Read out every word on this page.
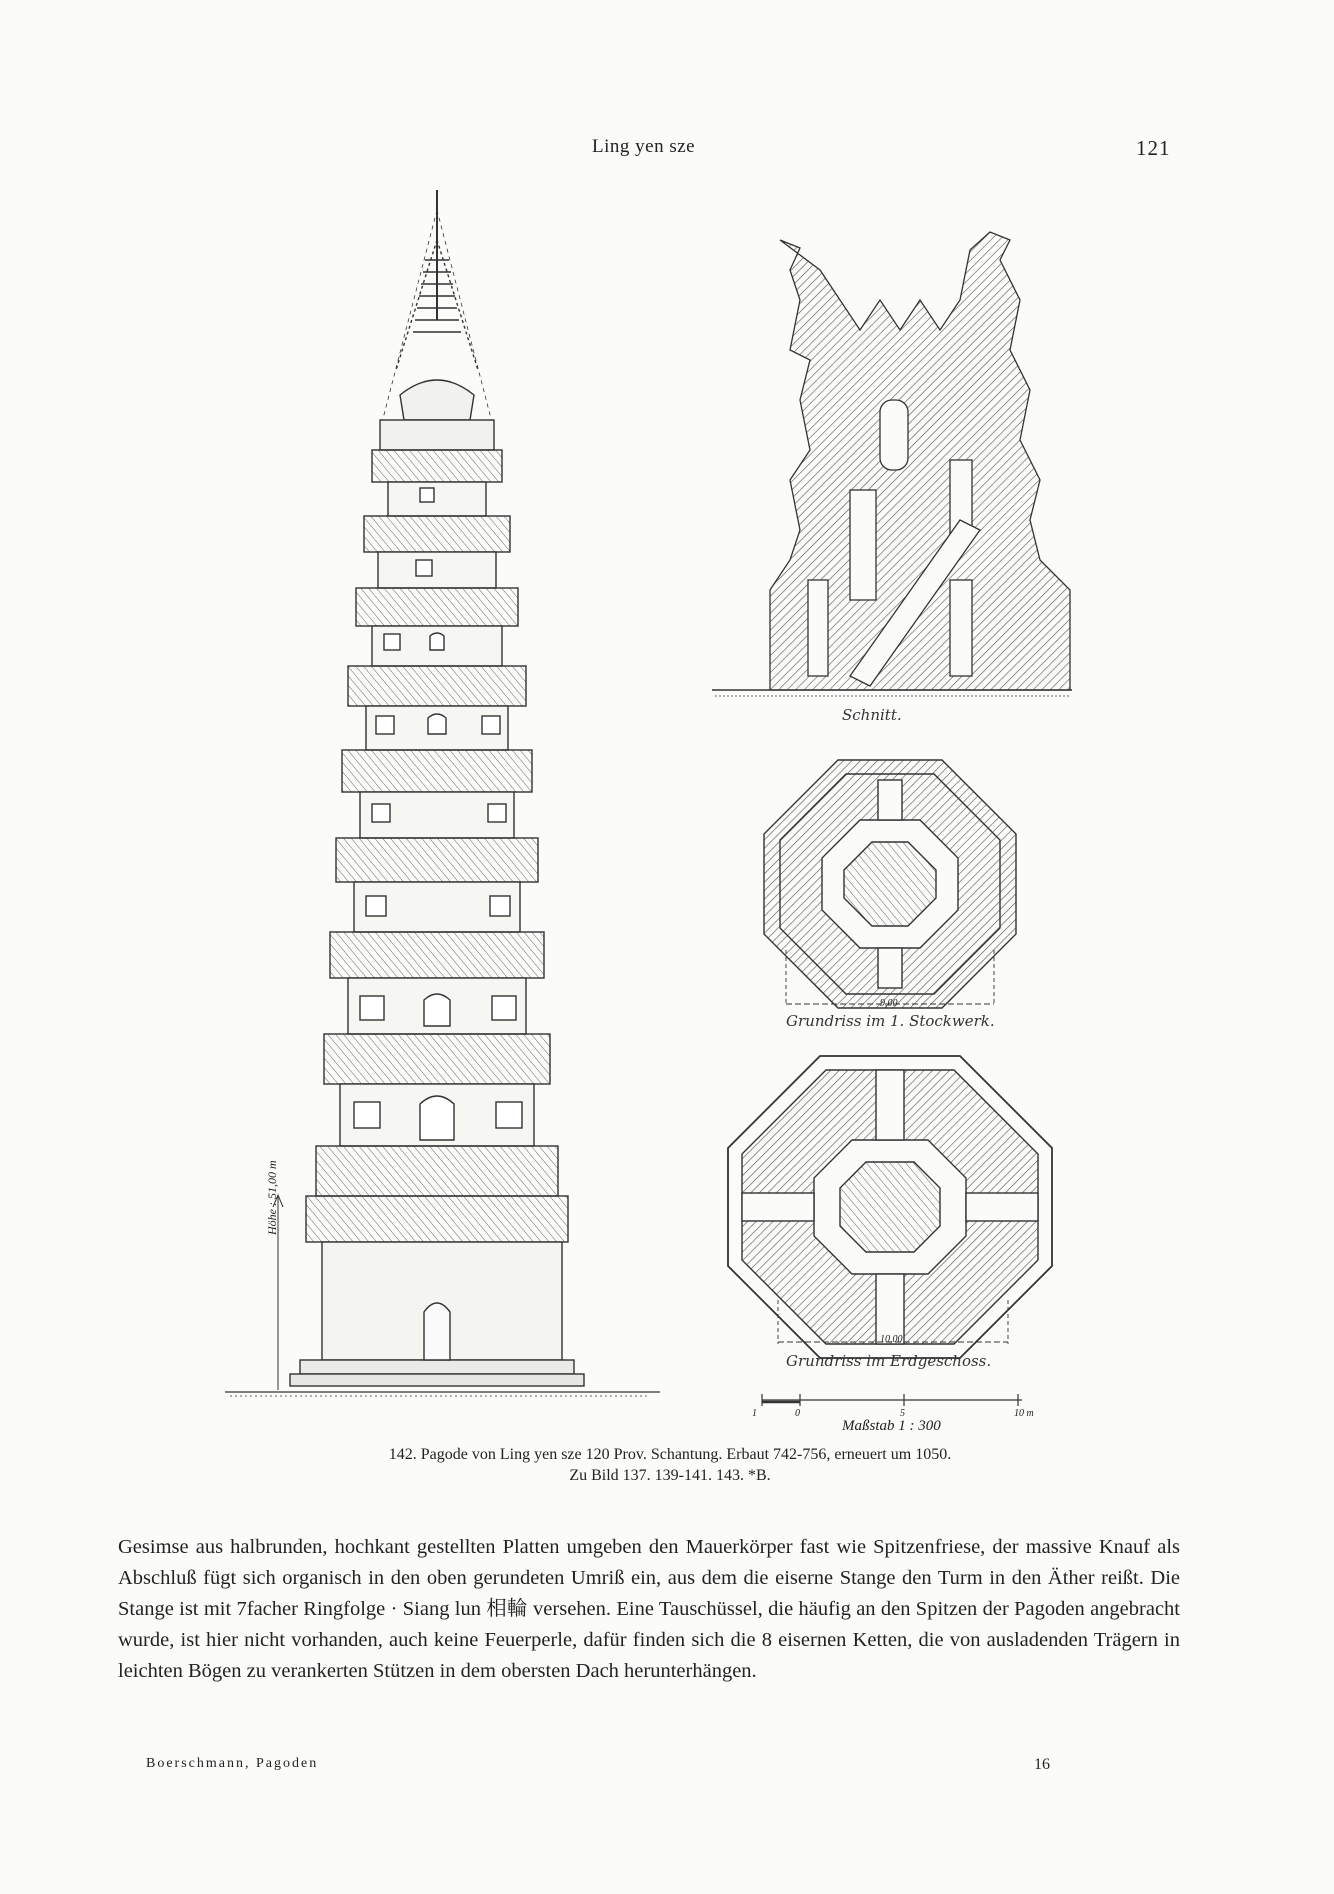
Ling yen sze	121
Schnitt.
9,00
Grundriss im 1. Stockwerk.
10,00
Grundriss im Erdgeschoss.
Höhe : 51,00 m
1	0	5	10 m
Maßstab 1 : 300
142. Pagode von Ling yen sze 120 Prov. Schantung. Erbaut 742-756, erneuert um 1050.
Zu Bild 137. 139-141. 143. *B.
Gesimse aus halbrunden, hochkant gestellten Platten umgeben den Mauerkörper fast wie Spitzenfriese, der massive Knauf als Abschluß fügt sich organisch in den oben gerundeten Umriß ein, aus dem die eiserne Stange den Turm in den Äther reißt. Die Stange ist mit 7facher Ringfolge · Siang lun 相輪 versehen. Eine Tauschüssel, die häufig an den Spitzen der Pagoden angebracht wurde, ist hier nicht vorhanden, auch keine Feuerperle, dafür finden sich die 8 eisernen Ketten, die von ausladenden Trägern in leichten Bögen zu verankerten Stützen in dem obersten Dach herunterhängen.
Boerschmann, Pagoden	16
